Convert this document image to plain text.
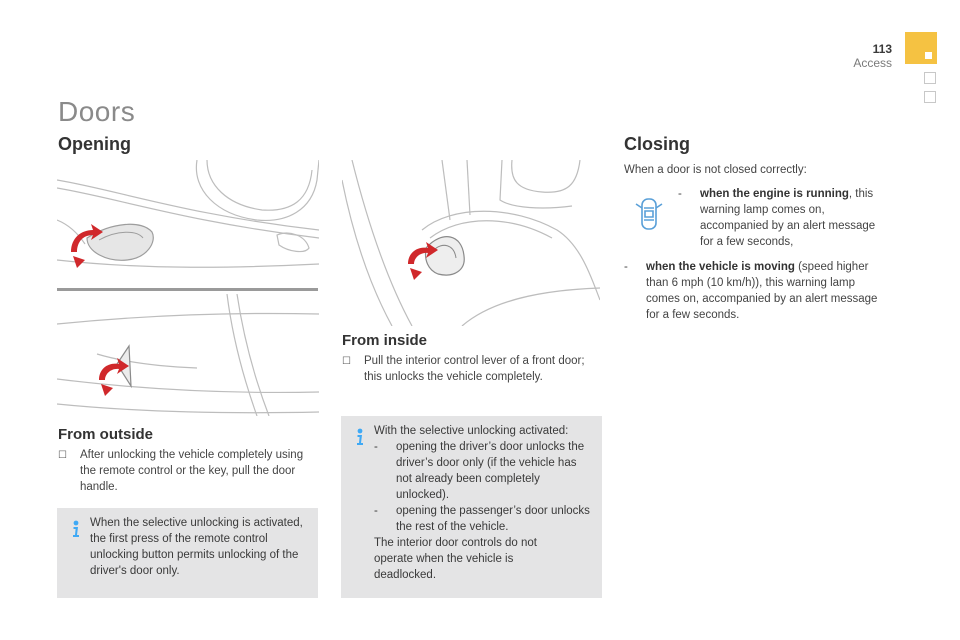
113
Access
Doors
Opening
From outside
☐	After unlocking the vehicle completely using the remote control or the key, pull the door handle.
When the selective unlocking is activated, the first press of the remote control unlocking button permits unlocking of the driver's door only.
From inside
☐	Pull the interior control lever of a front door; this unlocks the vehicle completely.
With the selective unlocking activated:
-	opening the driver’s door unlocks the driver’s door only (if the vehicle has not already been completely unlocked).
-	opening the passenger’s door unlocks the rest of the vehicle.
The interior door controls do not operate when the vehicle is deadlocked.
Closing
When a door is not closed correctly:
-	when the engine is running, this warning lamp comes on, accompanied by an alert message for a few seconds,
-	when the vehicle is moving (speed higher than 6 mph (10 km/h)), this warning lamp comes on, accompanied by an alert message for a few seconds.
